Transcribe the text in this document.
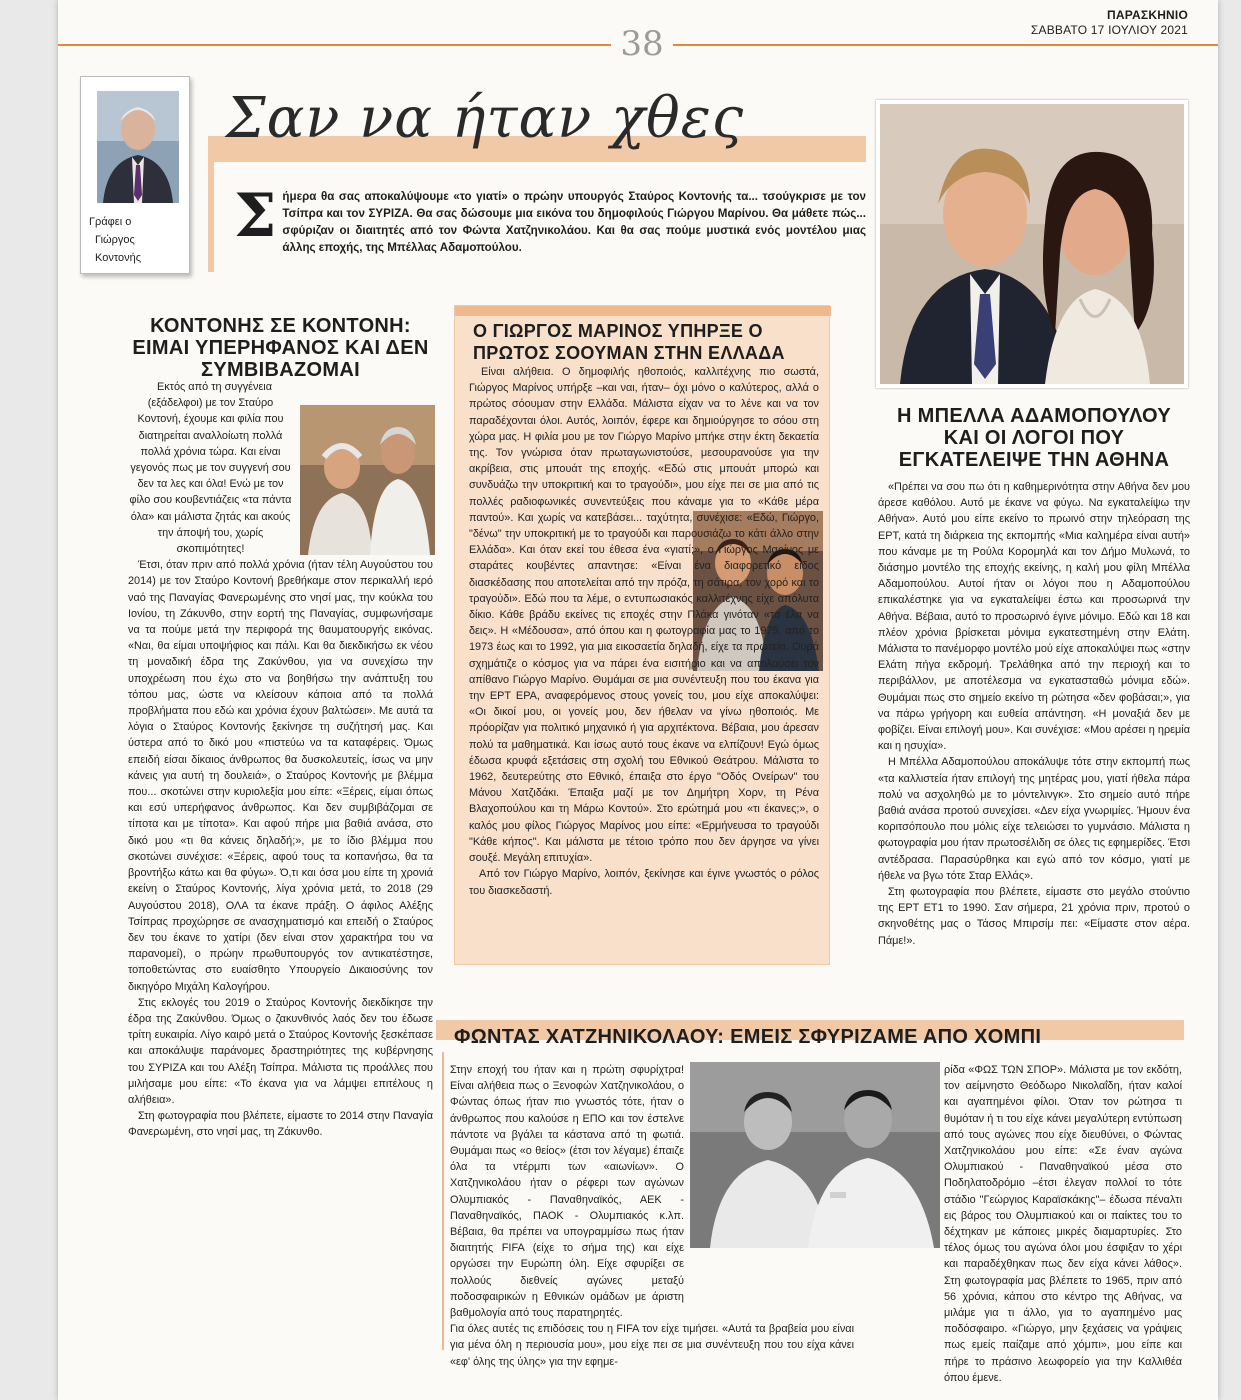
ΠΑΡΑΣΚΗΝΙΟ
ΣΑΒΒΑΤΟ 17 ΙΟΥΛΙΟΥ 2021
38
Σαν να ήταν χθες
Γράφει ο
Γιώργος
Κοντονής
Σ ήμερα θα σας αποκαλύψουμε «το γιατί» ο πρώην υπουργός Σταύρος Κοντονής τα... τσούγκρισε με τον Τσίπρα και τον ΣΥΡΙΖΑ. Θα σας δώσουμε μια εικόνα του δημοφιλούς Γιώργου Μαρίνου. Θα μάθετε πώς... σφύριζαν οι διαιτητές από τον Φώντα Χατζηνικολάου. Και θα σας πούμε μυστικά ενός μοντέλου μιας άλλης εποχής, της Μπέλλας Αδαμοπούλου.
ΚΟΝΤΟΝΗΣ ΣΕ ΚΟΝΤΟΝΗ: ΕΙΜΑΙ ΥΠΕΡΗΦΑΝΟΣ ΚΑΙ ΔΕΝ ΣΥΜΒΙΒΑΖΟΜΑΙ

Εκτός από τη συγγένεια (εξάδελφοι) με τον Σταύρο Κοντονή, έχουμε και φιλία που διατηρείται αναλλοίωτη πολλά πολλά χρόνια τώρα. Και είναι γεγονός πως με τον συγγενή σου δεν τα λες και όλα! Ενώ με τον φίλο σου κουβεντιάζεις «τα πάντα όλα» και μάλιστα ζητάς και ακούς την άποψή του, χωρίς σκοπιμότητες!

Έτσι, όταν πριν από πολλά χρόνια (ήταν τέλη Αυγούστου του 2014) με τον Σταύρο Κοντονή βρεθήκαμε στον περικαλλή ιερό ναό της Παναγίας Φανερωμένης στο νησί μας, την κούκλα του Ιονίου, τη Ζάκυνθο, στην εορτή της Παναγίας, συμφωνήσαμε να τα πούμε μετά την περιφορά της θαυματουργής εικόνας. «Ναι, θα είμαι υποψήφιος και πάλι. Και θα διεκδικήσω εκ νέου τη μοναδική έδρα της Ζακύνθου, για να συνεχίσω την υποχρέωση που έχω στο να βοηθήσω την ανάπτυξη του τόπου μας, ώστε να κλείσουν κάποια από τα πολλά προβλήματα που εδώ και χρόνια έχουν βαλτώσει». Με αυτά τα λόγια ο Σταύρος Κοντονής ξεκίνησε τη συζήτησή μας. Και ύστερα από το δικό μου «πιστεύω να τα καταφέρεις. Όμως επειδή είσαι δίκαιος άνθρωπος θα δυσκολευτείς, ίσως να μην κάνεις για αυτή τη δουλειά», ο Σταύρος Κοντονής με βλέμμα που... σκοτώνει στην κυριολεξία μου είπε: «Ξέρεις, είμαι όπως και εσύ υπερήφανος άνθρωπος. Και δεν συμβιβάζομαι σε τίποτα και με τίποτα». Και αφού πήρε μια βαθιά ανάσα, στο δικό μου «τι θα κάνεις δηλαδή;», με το ίδιο βλέμμα που σκοτώνει συνέχισε: «Ξέρεις, αφού τους τα κοπανήσω, θα τα βροντήξω κάτω και θα φύγω». Ό,τι και όσα μου είπε τη χρονιά εκείνη ο Σταύρος Κοντονής, λίγα χρόνια μετά, το 2018 (29 Αυγούστου 2018), ΟΛΑ τα έκανε πράξη. Ο άφιλος Αλέξης Τσίπρας προχώρησε σε ανασχηματισμό και επειδή ο Σταύρος δεν του έκανε το χατίρι (δεν είναι στον χαρακτήρα του να παρανομεί), ο πρώην πρωθυπουργός τον αντικατέστησε, τοποθετώντας στο ευαίσθητο Υπουργείο Δικαιοσύνης τον δικηγόρο Μιχάλη Καλογήρου.

Στις εκλογές του 2019 ο Σταύρος Κοντονής διεκδίκησε την έδρα της Ζακύνθου. Όμως ο ζακυνθινός λαός δεν του έδωσε τρίτη ευκαιρία. Λίγο καιρό μετά ο Σταύρος Κοντονής ξεσκέπασε και αποκάλυψε παράνομες δραστηριότητες της κυβέρνησης του ΣΥΡΙΖΑ και του Αλέξη Τσίπρα. Μάλιστα τις προάλλες που μιλήσαμε μου είπε: «Το έκανα για να λάμψει επιτέλους η αλήθεια».

Στη φωτογραφία που βλέπετε, είμαστε το 2014 στην Παναγία Φανερωμένη, στο νησί μας, τη Ζάκυνθο.

Ο ΓΙΩΡΓΟΣ ΜΑΡΙΝΟΣ ΥΠΗΡΞΕ Ο ΠΡΩΤΟΣ ΣΟΟΥΜΑΝ ΣΤΗΝ ΕΛΛΑΔΑ

Είναι αλήθεια. Ο δημοφιλής ηθοποιός, καλλιτέχνης πιο σωστά, Γιώργος Μαρίνος υπήρξε –και ναι, ήταν– όχι μόνο ο καλύτερος, αλλά ο πρώτος σόουμαν στην Ελλάδα. Μάλιστα είχαν να το λένε και να τον παραδέχονται όλοι. Αυτός, λοιπόν, έφερε και δημιούργησε το σόου στη χώρα μας. Η φιλία μου με τον Γιώργο Μαρίνο μπήκε στην έκτη δεκαετία της. Τον γνώρισα όταν πρωταγωνιστούσε, μεσουρανούσε για την ακρίβεια, στις μπουάτ της εποχής. «Εδώ στις μπουάτ μπορώ και συνδυάζω την υποκριτική και το τραγούδι», μου είχε πει σε μια από τις πολλές ραδιοφωνικές συνεντεύξεις που κάναμε για το «Κάθε μέρα παντού». Και χωρίς να κατεβάσει... ταχύτητα, συνέχισε: «Εδώ, Γιώργο, "δένω" την υποκριτική με το τραγούδι και παρουσιάζω το κάτι άλλο στην Ελλάδα». Και όταν εκεί του έθεσα ένα «γιατί;», ο Γιώργος Μαρίνος με σταράτες κουβέντες απαντησε: «Είναι ένα διαφορετικό είδος διασκέδασης που αποτελείται από την πρόζα, τη σάτιρα, τον χορό και το τραγούδι». Εδώ που τα λέμε, ο εντυπωσιακός καλλιτέχνης είχε απόλυτα δίκιο. Κάθε βράδυ εκείνες τις εποχές στην Πλάκα γινόταν «τα έλα να δεις». Η «Μέδουσα», από όπου και η φωτογραφία μας το 1975, από το 1973 έως και το 1992, για μια εικοσαετία δηλαδή, είχε τα πρωτεία. Ουρά σχημάτιζε ο κόσμος για να πάρει ένα εισιτήριο και να απολαύσει τον απίθανο Γιώργο Μαρίνο. Θυμάμαι σε μια συνέντευξη που του έκανα για την ΕΡΤ ΕΡΑ, αναφερόμενος στους γονείς του, μου είχε αποκαλύψει: «Οι δικοί μου, οι γονείς μου, δεν ήθελαν να γίνω ηθοποιός. Με πρόορίζαν για πολιτικό μηχανικό ή για αρχιτέκτονα. Βέβαια, μου άρεσαν πολύ τα μαθηματικά. Και ίσως αυτό τους έκανε να ελπίζουν! Εγώ όμως έδωσα κρυφά εξετάσεις στη σχολή του Εθνικού Θεάτρου. Μάλιστα το 1962, δευτερεύτης στο Εθνικό, έπαιξα στο έργο "Οδός Ονείρων" του Μάνου Χατζιδάκι. Έπαιξα μαζί με τον Δημήτρη Χορν, τη Ρένα Βλαχοπούλου και τη Μάρω Κοντού». Στο ερώτημά μου «τι έκανες;», ο καλός μου φίλος Γιώργος Μαρίνος μου είπε: «Ερμήνευσα το τραγούδι "Κάθε κήπος". Και μάλιστα με τέτοιο τρόπο που δεν άργησε να γίνει σουξέ. Μεγάλη επιτυχία».

Από τον Γιώργο Μαρίνο, λοιπόν, ξεκίνησε και έγινε γνωστός ο ρόλος του διασκεδαστή.

Η ΜΠΕΛΛΑ ΑΔΑΜΟΠΟΥΛΟΥ ΚΑΙ ΟΙ ΛΟΓΟΙ ΠΟΥ ΕΓΚΑΤΕΛΕΙΨΕ ΤΗΝ ΑΘΗΝΑ

«Πρέπει να σου πω ότι η καθημερινότητα στην Αθήνα δεν μου άρεσε καθόλου. Αυτό με έκανε να φύγω. Να εγκαταλείψω την Αθήνα». Αυτό μου είπε εκείνο το πρωινό στην τηλεόραση της ΕΡΤ, κατά τη διάρκεια της εκπομπής «Μια καλημέρα είναι αυτή» που κάναμε με τη Ρούλα Κορομηλά και τον Δήμο Μυλωνά, το διάσημο μοντέλο της εποχής εκείνης, η καλή μου φίλη Μπέλλα Αδαμοπούλου. Αυτοί ήταν οι λόγοι που η Αδαμοπούλου επικαλέστηκε για να εγκαταλείψει έστω και προσωρινά την Αθήνα. Βέβαια, αυτό το προσωρινό έγινε μόνιμο. Εδώ και 18 και πλέον χρόνια βρίσκεται μόνιμα εγκατεστημένη στην Ελάτη. Μάλιστα το πανέμορφο μοντέλο μού είχε αποκαλύψει πως «στην Ελάτη πήγα εκδρομή. Τρελάθηκα από την περιοχή και το περιβάλλον, με αποτέλεσμα να εγκατασταθώ μόνιμα εδώ». Θυμάμαι πως στο σημείο εκείνο τη ρώτησα «δεν φοβάσαι;», για να πάρω γρήγορη και ευθεία απάντηση. «Η μοναξιά δεν με φοβίζει. Είναι επιλογή μου». Και συνέχισε: «Μου αρέσει η ηρεμία και η ησυχία».

Η Μπέλλα Αδαμοπούλου αποκάλυψε τότε στην εκπομπή πως «τα καλλιστεία ήταν επιλογή της μητέρας μου, γιατί ήθελα πάρα πολύ να ασχοληθώ με το μόντελινγκ». Στο σημείο αυτό πήρε βαθιά ανάσα προτού συνεχίσει. «Δεν είχα γνωριμίες. Ήμουν ένα κοριτσόπουλο που μόλις είχε τελειώσει το γυμνάσιο. Μάλιστα η φωτογραφία μου ήταν πρωτοσέλιδη σε όλες τις εφημερίδες. Έτσι αντέδρασα. Παρασύρθηκα και εγώ από τον κόσμο, γιατί με ήθελε να βγω τότε Σταρ Ελλάς».

Στη φωτογραφία που βλέπετε, είμαστε στο μεγάλο στούντιο της ΕΡΤ ΕΤ1 το 1990. Σαν σήμερα, 21 χρόνια πριν, προτού ο σκηνοθέτης μας ο Τάσος Μπιρσίμ πει: «Είμαστε στον αέρα. Πάμε!».

ΦΩΝΤΑΣ ΧΑΤΖΗΝΙΚΟΛΑΟΥ: ΕΜΕΙΣ ΣΦΥΡΙΖΑΜΕ ΑΠΟ ΧΟΜΠΙ

Στην εποχή του ήταν και η πρώτη σφυρίχτρα! Είναι αλήθεια πως ο Ξενοφών Χατζηνικολάου, ο Φώντας όπως ήταν πιο γνωστός τότε, ήταν ο άνθρωπος που καλούσε η ΕΠΟ και τον έστελνε πάντοτε να βγάλει τα κάστανα από τη φωτιά. Θυμάμαι πως «ο θείος» (έτσι τον λέγαμε) έπαιζε όλα τα ντέρμπι των «αιωνίων». Ο Χατζηνικολάου ήταν ο ρέφερι των αγώνων Ολυμπιακός - Παναθηναϊκός, ΑΕΚ - Παναθηναϊκός, ΠΑΟΚ - Ολυμπιακός κ.λπ. Βέβαια, θα πρέπει να υπογραμμίσω πως ήταν διαιτητής FIFA (είχε το σήμα της) και είχε οργώσει την Ευρώπη όλη. Είχε σφυρίξει σε πολλούς διεθνείς αγώνες μεταξύ ποδοσφαιρικών η Εθνικών ομάδων με άριστη βαθμολογία από τους παρατηρητές.

Για όλες αυτές τις επιδόσεις του η FIFA τον είχε τιμήσει. «Αυτά τα βραβεία μου είναι για μένα όλη η περιουσία μου», μου είχε πει σε μια συνέντευξη που του είχα κάνει «εφ' όλης της ύλης» για την εφημε-

ρίδα «ΦΩΣ ΤΩΝ ΣΠΟΡ». Μάλιστα με τον εκδότη, τον αείμνηστο Θεόδωρο Νικολαΐδη, ήταν καλοί και αγαπημένοι φίλοι. Όταν τον ρώτησα τι θυμόταν ή τι του είχε κάνει μεγαλύτερη εντύπωση από τους αγώνες που είχε διευθύνει, ο Φώντας Χατζηνικολάου μου είπε: «Σε έναν αγώνα Ολυμπιακού - Παναθηναϊκού μέσα στο Ποδηλατοδρόμιο –έτσι έλεγαν πολλοί το τότε στάδιο "Γεώργιος Καραϊσκάκης"– έδωσα πέναλτι εις βάρος του Ολυμπιακού και οι παίκτες του το δέχτηκαν με κάποιες μικρές διαμαρτυρίες. Στο τέλος όμως του αγώνα όλοι μου έσφιξαν το χέρι και παραδέχθηκαν πως δεν είχα κάνει λάθος». Στη φωτογραφία μας βλέπετε το 1965, πριν από 56 χρόνια, κάπου στο κέντρο της Αθήνας, να μιλάμε για τι άλλο, για το αγαπημένο μας ποδόσφαιρο. «Γιώργο, μην ξεχάσεις να γράψεις πως εμείς παίζαμε από χόμπι», μου είπε και πήρε το πράσινο λεωφορείο για την Καλλιθέα όπου έμενε.
